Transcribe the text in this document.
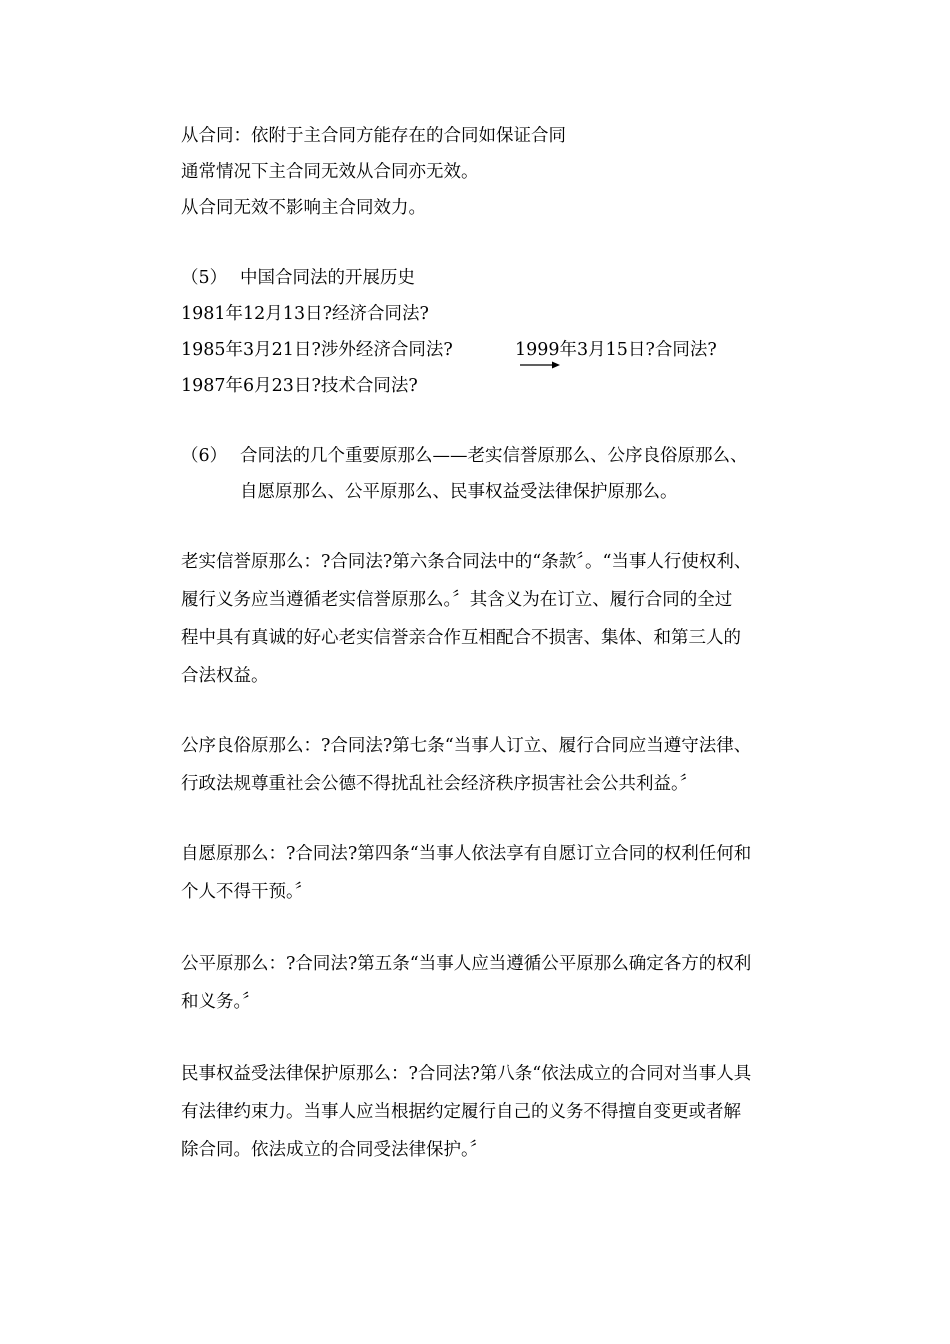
从合同：依附于主合同方能存在的合同如保证合同
通常情况下主合同无效从合同亦无效。
从合同无效不影响主合同效力。
（5） 中国合同法的开展历史
1981年12月13日?经济合同法?
1985年3月21日?涉外经济合同法?	1999年3月15日?合同法?
1987年6月23日?技术合同法?
（6） 合同法的几个重要原那么——老实信誉原那么、公序良俗原那么、
自愿原那么、公平原那么、民事权益受法律保护原那么。
老实信誉原那么：?合同法?第六条合同法中的“条款〞。“当事人行使权利、
履行义务应当遵循老实信誉原那么。〞其含义为在订立、履行合同的全过
程中具有真诚的好心老实信誉亲合作互相配合不损害、集体、和第三人的
合法权益。
公序良俗原那么：?合同法?第七条“当事人订立、履行合同应当遵守法律、
行政法规尊重社会公德不得扰乱社会经济秩序损害社会公共利益。〞
自愿原那么：?合同法?第四条“当事人依法享有自愿订立合同的权利任何和
个人不得干预。〞
公平原那么：?合同法?第五条“当事人应当遵循公平原那么确定各方的权利
和义务。〞
民事权益受法律保护原那么：?合同法?第八条“依法成立的合同对当事人具
有法律约束力。当事人应当根据约定履行自己的义务不得擅自变更或者解
除合同。依法成立的合同受法律保护。〞
